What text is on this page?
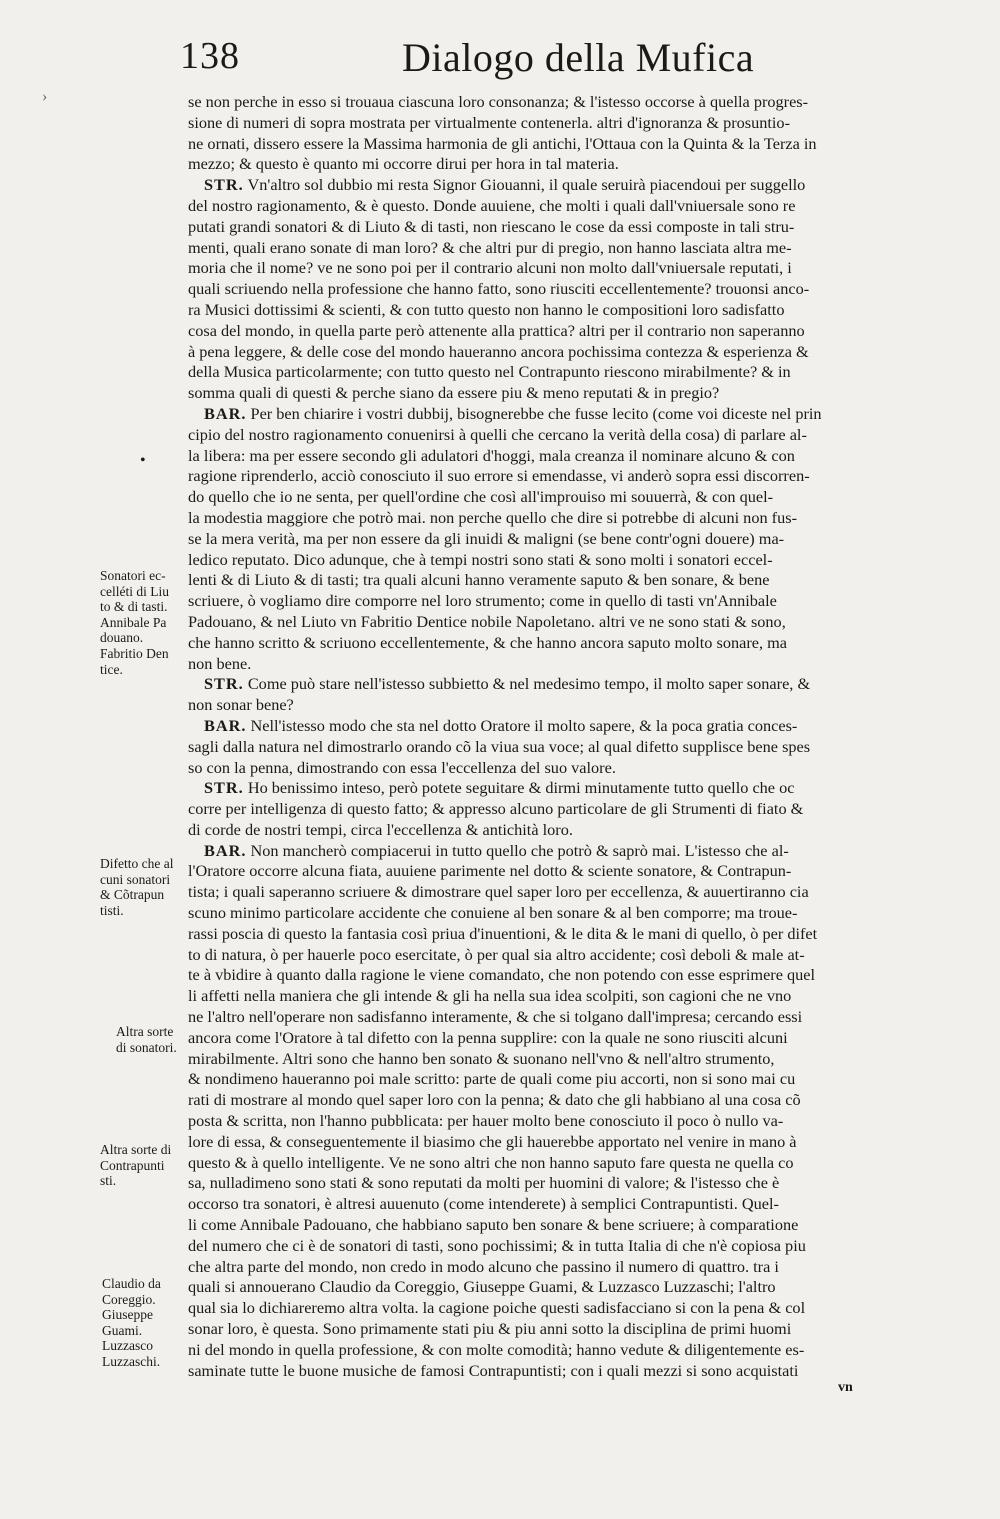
›
138	Dialogo della Mufica
•
se non perche in esso si trouaua ciascuna loro consonanza; & l'istesso occorse à quella progres-
sione di numeri di sopra mostrata per virtualmente contenerla. altri d'ignoranza & prosuntio-
ne ornati, dissero essere la Massima harmonia de gli antichi, l'Ottaua con la Quinta & la Terza in
mezzo; & questo è quanto mi occorre dirui per hora in tal materia.
STR. Vn'altro sol dubbio mi resta Signor Giouanni, il quale seruirà piacendoui per suggello
del nostro ragionamento, & è questo. Donde auuiene, che molti i quali dall'vniuersale sono re
putati grandi sonatori & di Liuto & di tasti, non riescano le cose da essi composte in tali stru-
menti, quali erano sonate di man loro? & che altri pur di pregio, non hanno lasciata altra me-
moria che il nome? ve ne sono poi per il contrario alcuni non molto dall'vniuersale reputati, i
quali scriuendo nella professione che hanno fatto, sono riusciti eccellentemente? trouonsi anco-
ra Musici dottissimi & scienti, & con tutto questo non hanno le compositioni loro sadisfatto
cosa del mondo, in quella parte però attenente alla prattica? altri per il contrario non saperanno
à pena leggere, & delle cose del mondo haueranno ancora pochissima contezza & esperienza &
della Musica particolarmente; con tutto questo nel Contrapunto riescono mirabilmente? & in
somma quali di questi & perche siano da essere piu & meno reputati & in pregio?
BAR. Per ben chiarire i vostri dubbij, bisognerebbe che fusse lecito (come voi diceste nel prin
cipio del nostro ragionamento conuenirsi à quelli che cercano la verità della cosa) di parlare al-
la libera: ma per essere secondo gli adulatori d'hoggi, mala creanza il nominare alcuno & con
ragione riprenderlo, acciò conosciuto il suo errore si emendasse, vi anderò sopra essi discorren-
do quello che io ne senta, per quell'ordine che così all'improuiso mi souuerrà, & con quel-
la modestia maggiore che potrò mai. non perche quello che dire si potrebbe di alcuni non fus-
se la mera verità, ma per non essere da gli inuidi & maligni (se bene contr'ogni douere) ma-
ledico reputato. Dico adunque, che à tempi nostri sono stati & sono molti i sonatori eccel-
lenti & di Liuto & di tasti; tra quali alcuni hanno veramente saputo & ben sonare, & bene
scriuere, ò vogliamo dire comporre nel loro strumento; come in quello di tasti vn'Annibale
Padouano, & nel Liuto vn Fabritio Dentice nobile Napoletano. altri ve ne sono stati & sono,
che hanno scritto & scriuono eccellentemente, & che hanno ancora saputo molto sonare, ma
non bene.
STR. Come può stare nell'istesso subbietto & nel medesimo tempo, il molto saper sonare, &
non sonar bene?
BAR. Nell'istesso modo che sta nel dotto Oratore il molto sapere, & la poca gratia conces-
sagli dalla natura nel dimostrarlo orando cõ la viua sua voce; al qual difetto supplisce bene spes
so con la penna, dimostrando con essa l'eccellenza del suo valore.
STR. Ho benissimo inteso, però potete seguitare & dirmi minutamente tutto quello che oc
corre per intelligenza di questo fatto; & appresso alcuno particolare de gli Strumenti di fiato &
di corde de nostri tempi, circa l'eccellenza & antichità loro.
BAR. Non mancherò compiacerui in tutto quello che potrò & saprò mai. L'istesso che al-
l'Oratore occorre alcuna fiata, auuiene parimente nel dotto & sciente sonatore, & Contrapun-
tista; i quali saperanno scriuere & dimostrare quel saper loro per eccellenza, & auuertiranno cia
scuno minimo particolare accidente che conuiene al ben sonare & al ben comporre; ma troue-
rassi poscia di questo la fantasia così priua d'inuentioni, & le dita & le mani di quello, ò per difet
to di natura, ò per hauerle poco esercitate, ò per qual sia altro accidente; così deboli & male at-
te à vbidire à quanto dalla ragione le viene comandato, che non potendo con esse esprimere quel
li affetti nella maniera che gli intende & gli ha nella sua idea scolpiti, son cagioni che ne vno
ne l'altro nell'operare non sadisfanno interamente, & che si tolgano dall'impresa; cercando essi
ancora come l'Oratore à tal difetto con la penna supplire: con la quale ne sono riusciti alcuni
mirabilmente. Altri sono che hanno ben sonato & suonano nell'vno & nell'altro strumento,
& nondimeno haueranno poi male scritto: parte de quali come piu accorti, non si sono mai cu
rati di mostrare al mondo quel saper loro con la penna; & dato che gli habbiano al una cosa cõ
posta & scritta, non l'hanno pubblicata: per hauer molto bene conosciuto il poco ò nullo va-
lore di essa, & conseguentemente il biasimo che gli hauerebbe apportato nel venire in mano à
questo & à quello intelligente. Ve ne sono altri che non hanno saputo fare questa ne quella co
sa, nulladimeno sono stati & sono reputati da molti per huomini di valore; & l'istesso che è
occorso tra sonatori, è altresi auuenuto (come intenderete) à semplici Contrapuntisti. Quel-
li come Annibale Padouano, che habbiano saputo ben sonare & bene scriuere; à comparatione
del numero che ci è de sonatori di tasti, sono pochissimi; & in tutta Italia di che n'è copiosa piu
che altra parte del mondo, non credo in modo alcuno che passino il numero di quattro. tra i
quali si annouerano Claudio da Coreggio, Giuseppe Guami, & Luzzasco Luzzaschi; l'altro
qual sia lo dichiareremo altra volta. la cagione poiche questi sadisfacciano si con la pena & col
sonar loro, è questa. Sono primamente stati piu & piu anni sotto la disciplina de primi huomi
ni del mondo in quella professione, & con molte comodità; hanno vedute & diligentemente es-
saminate tutte le buone musiche de famosi Contrapuntisti; con i quali mezzi si sono acquistati
Sonatori ec-
celléti di Liu
to & di tasti.
Annibale Pa
douano.
Fabritio Den
tice.
Difetto che al
cuni sonatori
& Cõtrapun
tisti.
Altra sorte
di sonatori.
Altra sorte di
Contrapunti
sti.
Claudio da
Coreggio.
Giuseppe
Guami.
Luzzasco
Luzzaschi.
vn
